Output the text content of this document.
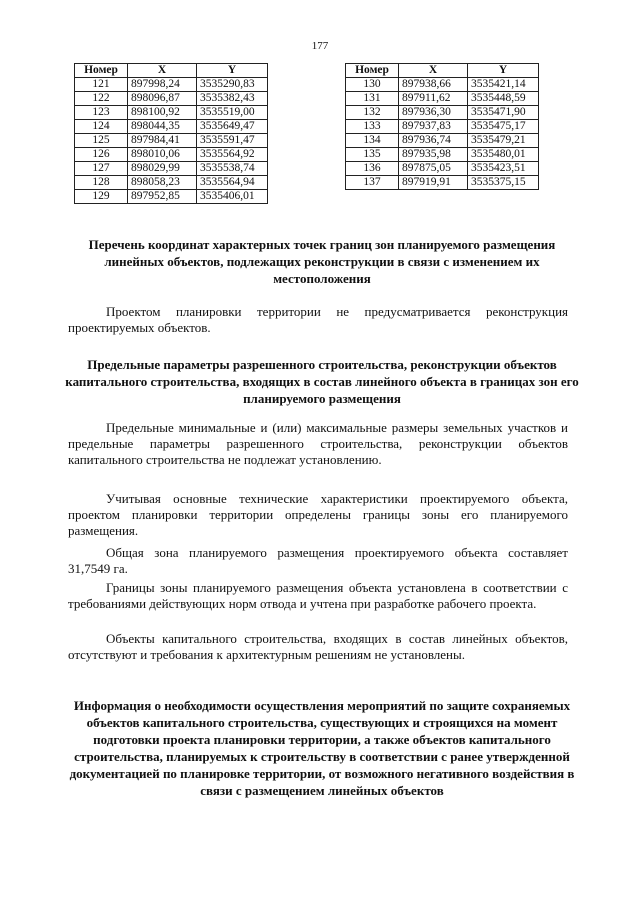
177
Номер	X	Y
121	897998,24	3535290,83
122	898096,87	3535382,43
123	898100,92	3535519,00
124	898044,35	3535649,47
125	897984,41	3535591,47
126	898010,06	3535564,92
127	898029,99	3535538,74
128	898058,23	3535564,94
129	897952,85	3535406,01
Номер	X	Y
130	897938,66	3535421,14
131	897911,62	3535448,59
132	897936,30	3535471,90
133	897937,83	3535475,17
134	897936,74	3535479,21
135	897935,98	3535480,01
136	897875,05	3535423,51
137	897919,91	3535375,15
Перечень координат характерных точек границ зон планируемого размещения линейных объектов, подлежащих реконструкции в связи с изменением их местоположения
Проектом планировки территории не предусматривается реконструкция проектируемых объектов.
Предельные параметры разрешенного строительства, реконструкции объектов капитального строительства, входящих в состав линейного объекта в границах зон его планируемого размещения
Предельные минимальные и (или) максимальные размеры земельных участков и предельные параметры разрешенного строительства, реконструкции объектов капитального строительства не подлежат установлению.
Учитывая основные технические характеристики проектируемого объекта, проектом планировки территории определены границы зоны его планируемого размещения.
Общая зона планируемого размещения проектируемого объекта составляет 31,7549 га.
Границы зоны планируемого размещения объекта установлена в соответствии с требованиями действующих норм отвода и учтена при разработке рабочего проекта.
Объекты капитального строительства, входящих в состав линейных объектов, отсутствуют и требования к архитектурным решениям не установлены.
Информация о необходимости осуществления мероприятий по защите сохраняемых объектов капитального строительства, существующих и строящихся на момент подготовки проекта планировки территории, а также объектов капитального строительства, планируемых к строительству в соответствии с ранее утвержденной документацией по планировке территории, от возможного негативного воздействия в связи с размещением линейных объектов
